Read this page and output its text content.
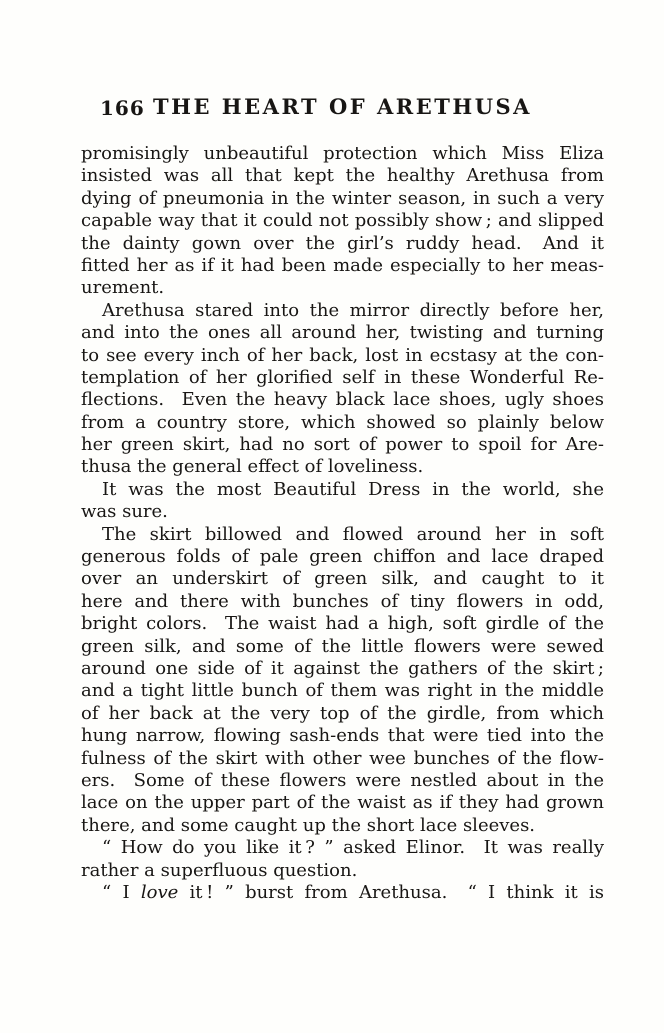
166 THE HEART OF ARETHUSA
promisingly unbeautiful protection which Miss Eliza
insisted was all that kept the healthy Arethusa from
dying of pneumonia in the winter season, in such a very
capable way that it could not possibly show ; and slipped
the dainty gown over the girl’s ruddy head.  And it
fitted her as if it had been made especially to her meas-
urement.
Arethusa stared into the mirror directly before her,
and into the ones all around her, twisting and turning
to see every inch of her back, lost in ecstasy at the con-
templation of her glorified self in these Wonderful Re-
flections.  Even the heavy black lace shoes, ugly shoes
from a country store, which showed so plainly below
her green skirt, had no sort of power to spoil for Are-
thusa the general effect of loveliness.
It was the most Beautiful Dress in the world, she
was sure.
The skirt billowed and flowed around her in soft
generous folds of pale green chiffon and lace draped
over an underskirt of green silk, and caught to it
here and there with bunches of tiny flowers in odd,
bright colors.  The waist had a high, soft girdle of the
green silk, and some of the little flowers were sewed
around one side of it against the gathers of the skirt ;
and a tight little bunch of them was right in the middle
of her back at the very top of the girdle, from which
hung narrow, flowing sash-ends that were tied into the
fulness of the skirt with other wee bunches of the flow-
ers.  Some of these flowers were nestled about in the
lace on the upper part of the waist as if they had grown
there, and some caught up the short lace sleeves.
“ How do you like it ? ” asked Elinor.  It was really
rather a superfluous question.
“ I love it ! ” burst from Arethusa.  “ I think it is
